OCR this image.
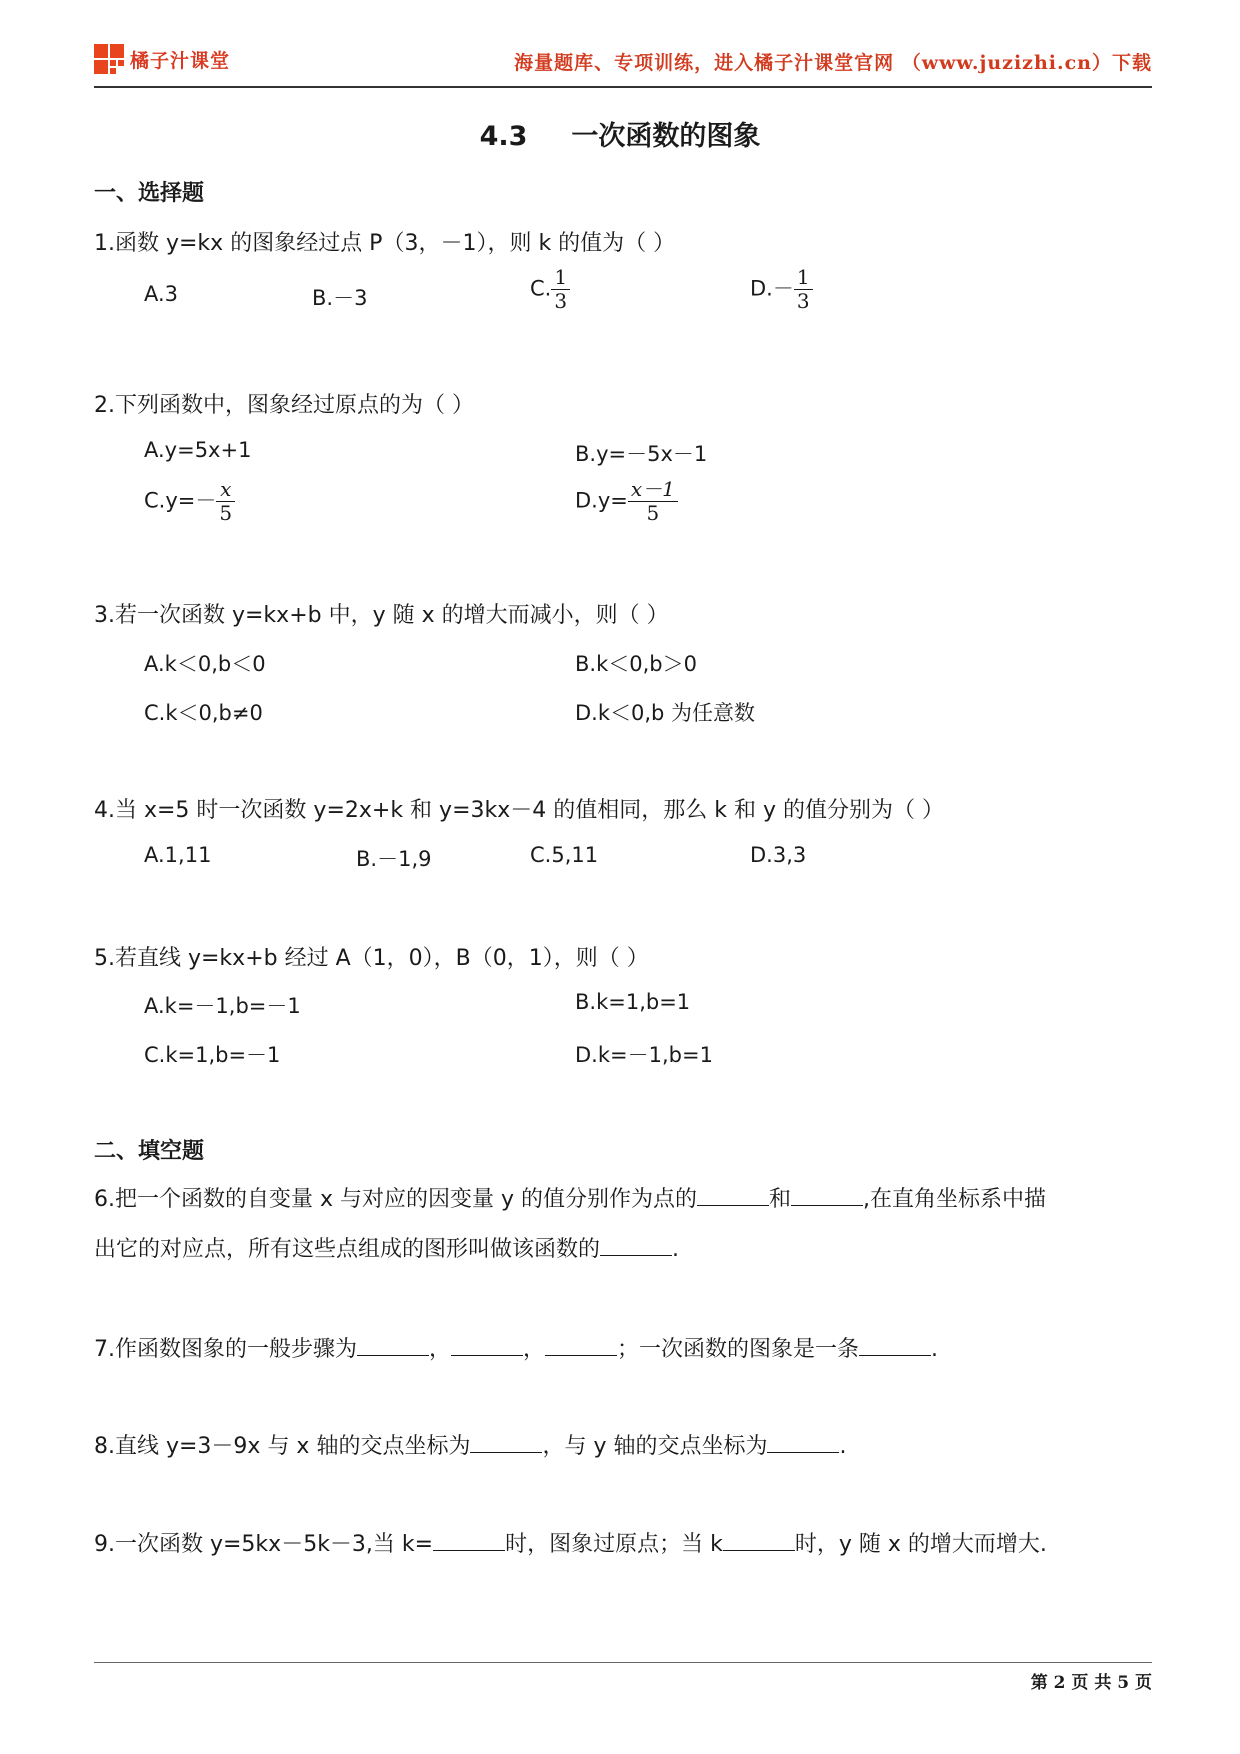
橘子汁课堂	海量题库、专项训练，进入橘子汁课堂官网 （www.juzizhi.cn）下载
4.3 一次函数的图象
一、选择题
1.函数 y=kx 的图象经过点 P（3，－1），则 k 的值为（ ）
A.3	B.－3	C. $\frac{1}{3}$	$D.- \frac{1}{3}$
2.下列函数中，图象经过原点的为（ ）
A.y=5x+1	B.y=－5x－1
$C.y=- \frac{x}{5}$	$D.y= \frac{x-1}{5}$
3.若一次函数 y=kx+b 中，y 随 x 的增大而减小，则（ ）
A.k＜0,b＜0	B.k＜0,b＞0
C.k＜0,b≠0	D.k＜0,b 为任意数
4.当 x=5 时一次函数 y=2x+k 和 y=3kx－4 的值相同，那么 k 和 y 的值分别为（ ）
A.1,11	B.－1,9	C.5,11	D.3,3
5.若直线 y=kx+b 经过 A（1，0），B（0，1），则（ ）
A.k=－1,b=－1	B.k=1,b=1
C.k=1,b=－1	D.k=－1,b=1
二、填空题
6.把一个函数的自变量 x 与对应的因变量 y 的值分别作为点的	和	,在直角坐标系中描
出它的对应点，所有这些点组成的图形叫做该函数的	.
7.作函数图象的一般步骤为	，	，	；一次函数的图象是一条	.
8.直线 y=3－9x 与 x 轴的交点坐标为	，与 y 轴的交点坐标为	.
9.一次函数 y=5kx－5k－3,当 k=	时，图象过原点；当 k	时，y 随 x 的增大而增大.
第 2 页 共 5 页
